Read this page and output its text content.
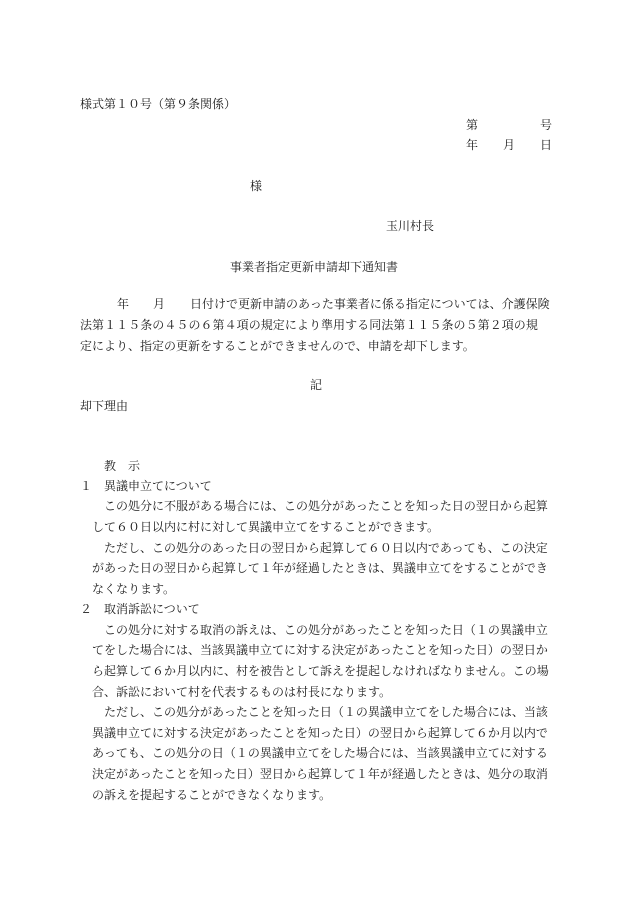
様式第１０号（第９条関係）
第	号
年 月 日
様
玉川村長
事業者指定更新申請却下通知書
年 月 日付けで更新申請のあった事業者に係る指定については、介護保険
法第１１５条の４５の６第４項の規定により準用する同法第１１５条の５第２項の規
定により、指定の更新をすることができませんので、申請を却下します。
記
却下理由
教　示
１　異議申立てについて
この処分に不服がある場合には、この処分があったことを知った日の翌日から起算
して６０日以内に村に対して異議申立てをすることができます。
ただし、この処分のあった日の翌日から起算して６０日以内であっても、この決定
があった日の翌日から起算して１年が経過したときは、異議申立てをすることができ
なくなります。
２　取消訴訟について
この処分に対する取消の訴えは、この処分があったことを知った日（１の異議申立
てをした場合には、当該異議申立てに対する決定があったことを知った日）の翌日か
ら起算して６か月以内に、村を被告として訴えを提起しなければなりません。この場
合、訴訟において村を代表するものは村長になります。
ただし、この処分があったことを知った日（１の異議申立てをした場合には、当該
異議申立てに対する決定があったことを知った日）の翌日から起算して６か月以内で
あっても、この処分の日（１の異議申立てをした場合には、当該異議申立てに対する
決定があったことを知った日）翌日から起算して１年が経過したときは、処分の取消
の訴えを提起することができなくなります。
